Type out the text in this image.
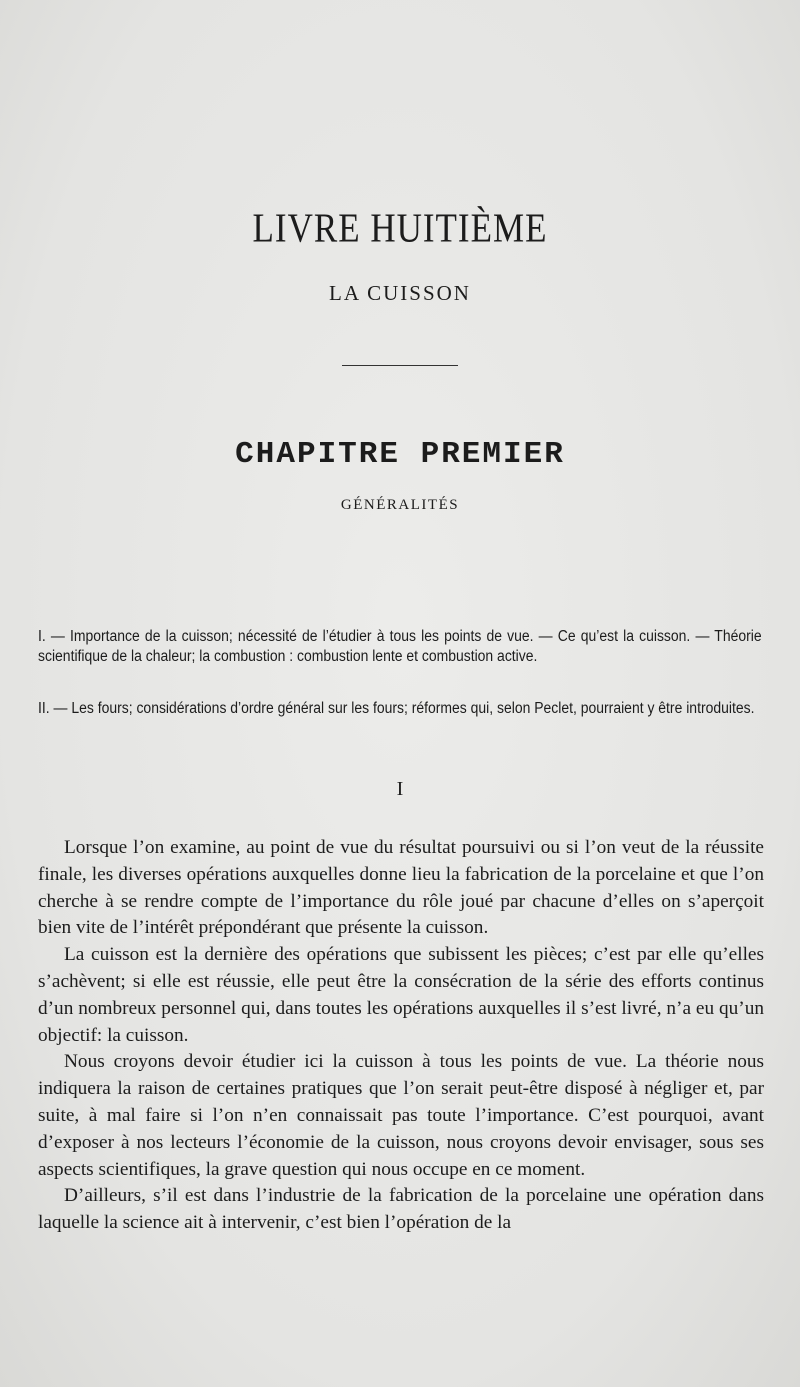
LIVRE HUITIÈME
LA CUISSON
CHAPITRE PREMIER
GÉNÉRALITÉS
I. — Importance de la cuisson; nécessité de l’étudier à tous les points de vue. — Ce qu’est la cuisson. — Théorie scientifique de la chaleur; la combustion : combustion lente et combustion active.
II. — Les fours; considérations d’ordre général sur les fours; réformes qui, selon Peclet, pourraient y être introduites.
I

Lorsque l’on examine, au point de vue du résultat poursuivi ou si l’on veut de la réussite finale, les diverses opérations auxquelles donne lieu la fabrication de la porcelaine et que l’on cherche à se rendre compte de l’importance du rôle joué par chacune d’elles on s’aperçoit bien vite de l’intérêt prépondérant que présente la cuisson.

La cuisson est la dernière des opérations que subissent les pièces; c’est par elle qu’elles s’achèvent; si elle est réussie, elle peut être la consécration de la série des efforts continus d’un nombreux personnel qui, dans toutes les opérations auxquelles il s’est livré, n’a eu qu’un objectif: la cuisson.

Nous croyons devoir étudier ici la cuisson à tous les points de vue. La théorie nous indiquera la raison de certaines pratiques que l’on serait peut-être disposé à négliger et, par suite, à mal faire si l’on n’en connaissait pas toute l’importance. C’est pourquoi, avant d’exposer à nos lecteurs l’économie de la cuisson, nous croyons devoir envisager, sous ses aspects scientifiques, la grave question qui nous occupe en ce moment.

D’ailleurs, s’il est dans l’industrie de la fabrication de la porcelaine une opération dans laquelle la science ait à intervenir, c’est bien l’opération de la
